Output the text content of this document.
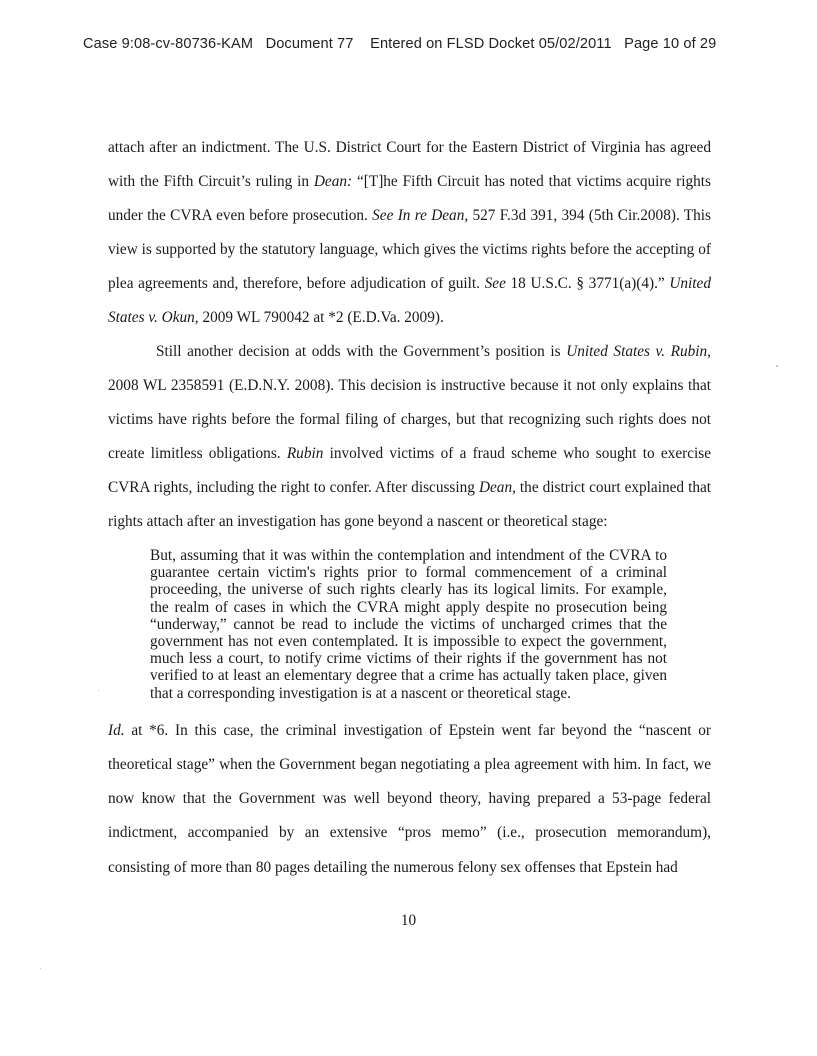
Case 9:08-cv-80736-KAM Document 77 Entered on FLSD Docket 05/02/2011 Page 10 of 29

attach after an indictment. The U.S. District Court for the Eastern District of Virginia has agreed with the Fifth Circuit’s ruling in Dean: “[T]he Fifth Circuit has noted that victims acquire rights under the CVRA even before prosecution. See In re Dean, 527 F.3d 391, 394 (5th Cir.2008). This view is supported by the statutory language, which gives the victims rights before the accepting of plea agreements and, therefore, before adjudication of guilt. See 18 U.S.C. § 3771(a)(4).” United States v. Okun, 2009 WL 790042 at *2 (E.D.Va. 2009).

Still another decision at odds with the Government’s position is United States v. Rubin, 2008 WL 2358591 (E.D.N.Y. 2008). This decision is instructive because it not only explains that victims have rights before the formal filing of charges, but that recognizing such rights does not create limitless obligations. Rubin involved victims of a fraud scheme who sought to exercise CVRA rights, including the right to confer. After discussing Dean, the district court explained that rights attach after an investigation has gone beyond a nascent or theoretical stage:

But, assuming that it was within the contemplation and intendment of the CVRA to guarantee certain victim's rights prior to formal commencement of a criminal proceeding, the universe of such rights clearly has its logical limits. For example, the realm of cases in which the CVRA might apply despite no prosecution being “underway,” cannot be read to include the victims of uncharged crimes that the government has not even contemplated. It is impossible to expect the government, much less a court, to notify crime victims of their rights if the government has not verified to at least an elementary degree that a crime has actually taken place, given that a corresponding investigation is at a nascent or theoretical stage.

Id. at *6. In this case, the criminal investigation of Epstein went far beyond the “nascent or theoretical stage” when the Government began negotiating a plea agreement with him. In fact, we now know that the Government was well beyond theory, having prepared a 53-page federal indictment, accompanied by an extensive “pros memo” (i.e., prosecution memorandum), consisting of more than 80 pages detailing the numerous felony sex offenses that Epstein had

10
